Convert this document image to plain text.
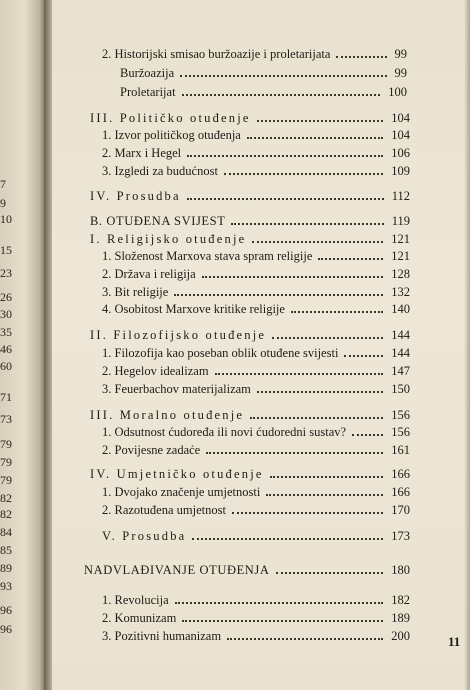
7
9
10
15
23
26
30
35
46
60
71
73
79
79
79
82
82
84
85
89
93
96
96
2. Historijski smisao buržoazije i proletarijata	99
Buržoazija	99
Proletarijat	100
III. Političko otuđenje	104
1. Izvor političkog otuđenja	104
2. Marx i Hegel	106
3. Izgledi za budućnost	109
IV. Prosudba	112
B. OTUĐENA SVIJEST	119
I. Religijsko otuđenje	121
1. Složenost Marxova stava spram religije	121
2. Država i religija	128
3. Bit religije	132
4. Osobitost Marxove kritike religije	140
II. Filozofijsko otuđenje	144
1. Filozofija kao poseban oblik otuđene svijesti	144
2. Hegelov idealizam	147
3. Feuerbachov materijalizam	150
III. Moralno otuđenje	156
1. Odsutnost ćudoređa ili novi ćudoredni sustav?	156
2. Povijesne zadaće	161
IV. Umjetničko otuđenje	166
1. Dvojako značenje umjetnosti	166
2. Razotuđena umjetnost	170
V. Prosudba	173
NADVLAĐIVANJE OTUĐENJA	180
1. Revolucija	182
2. Komunizam	189
3. Pozitivni humanizam	200	11
